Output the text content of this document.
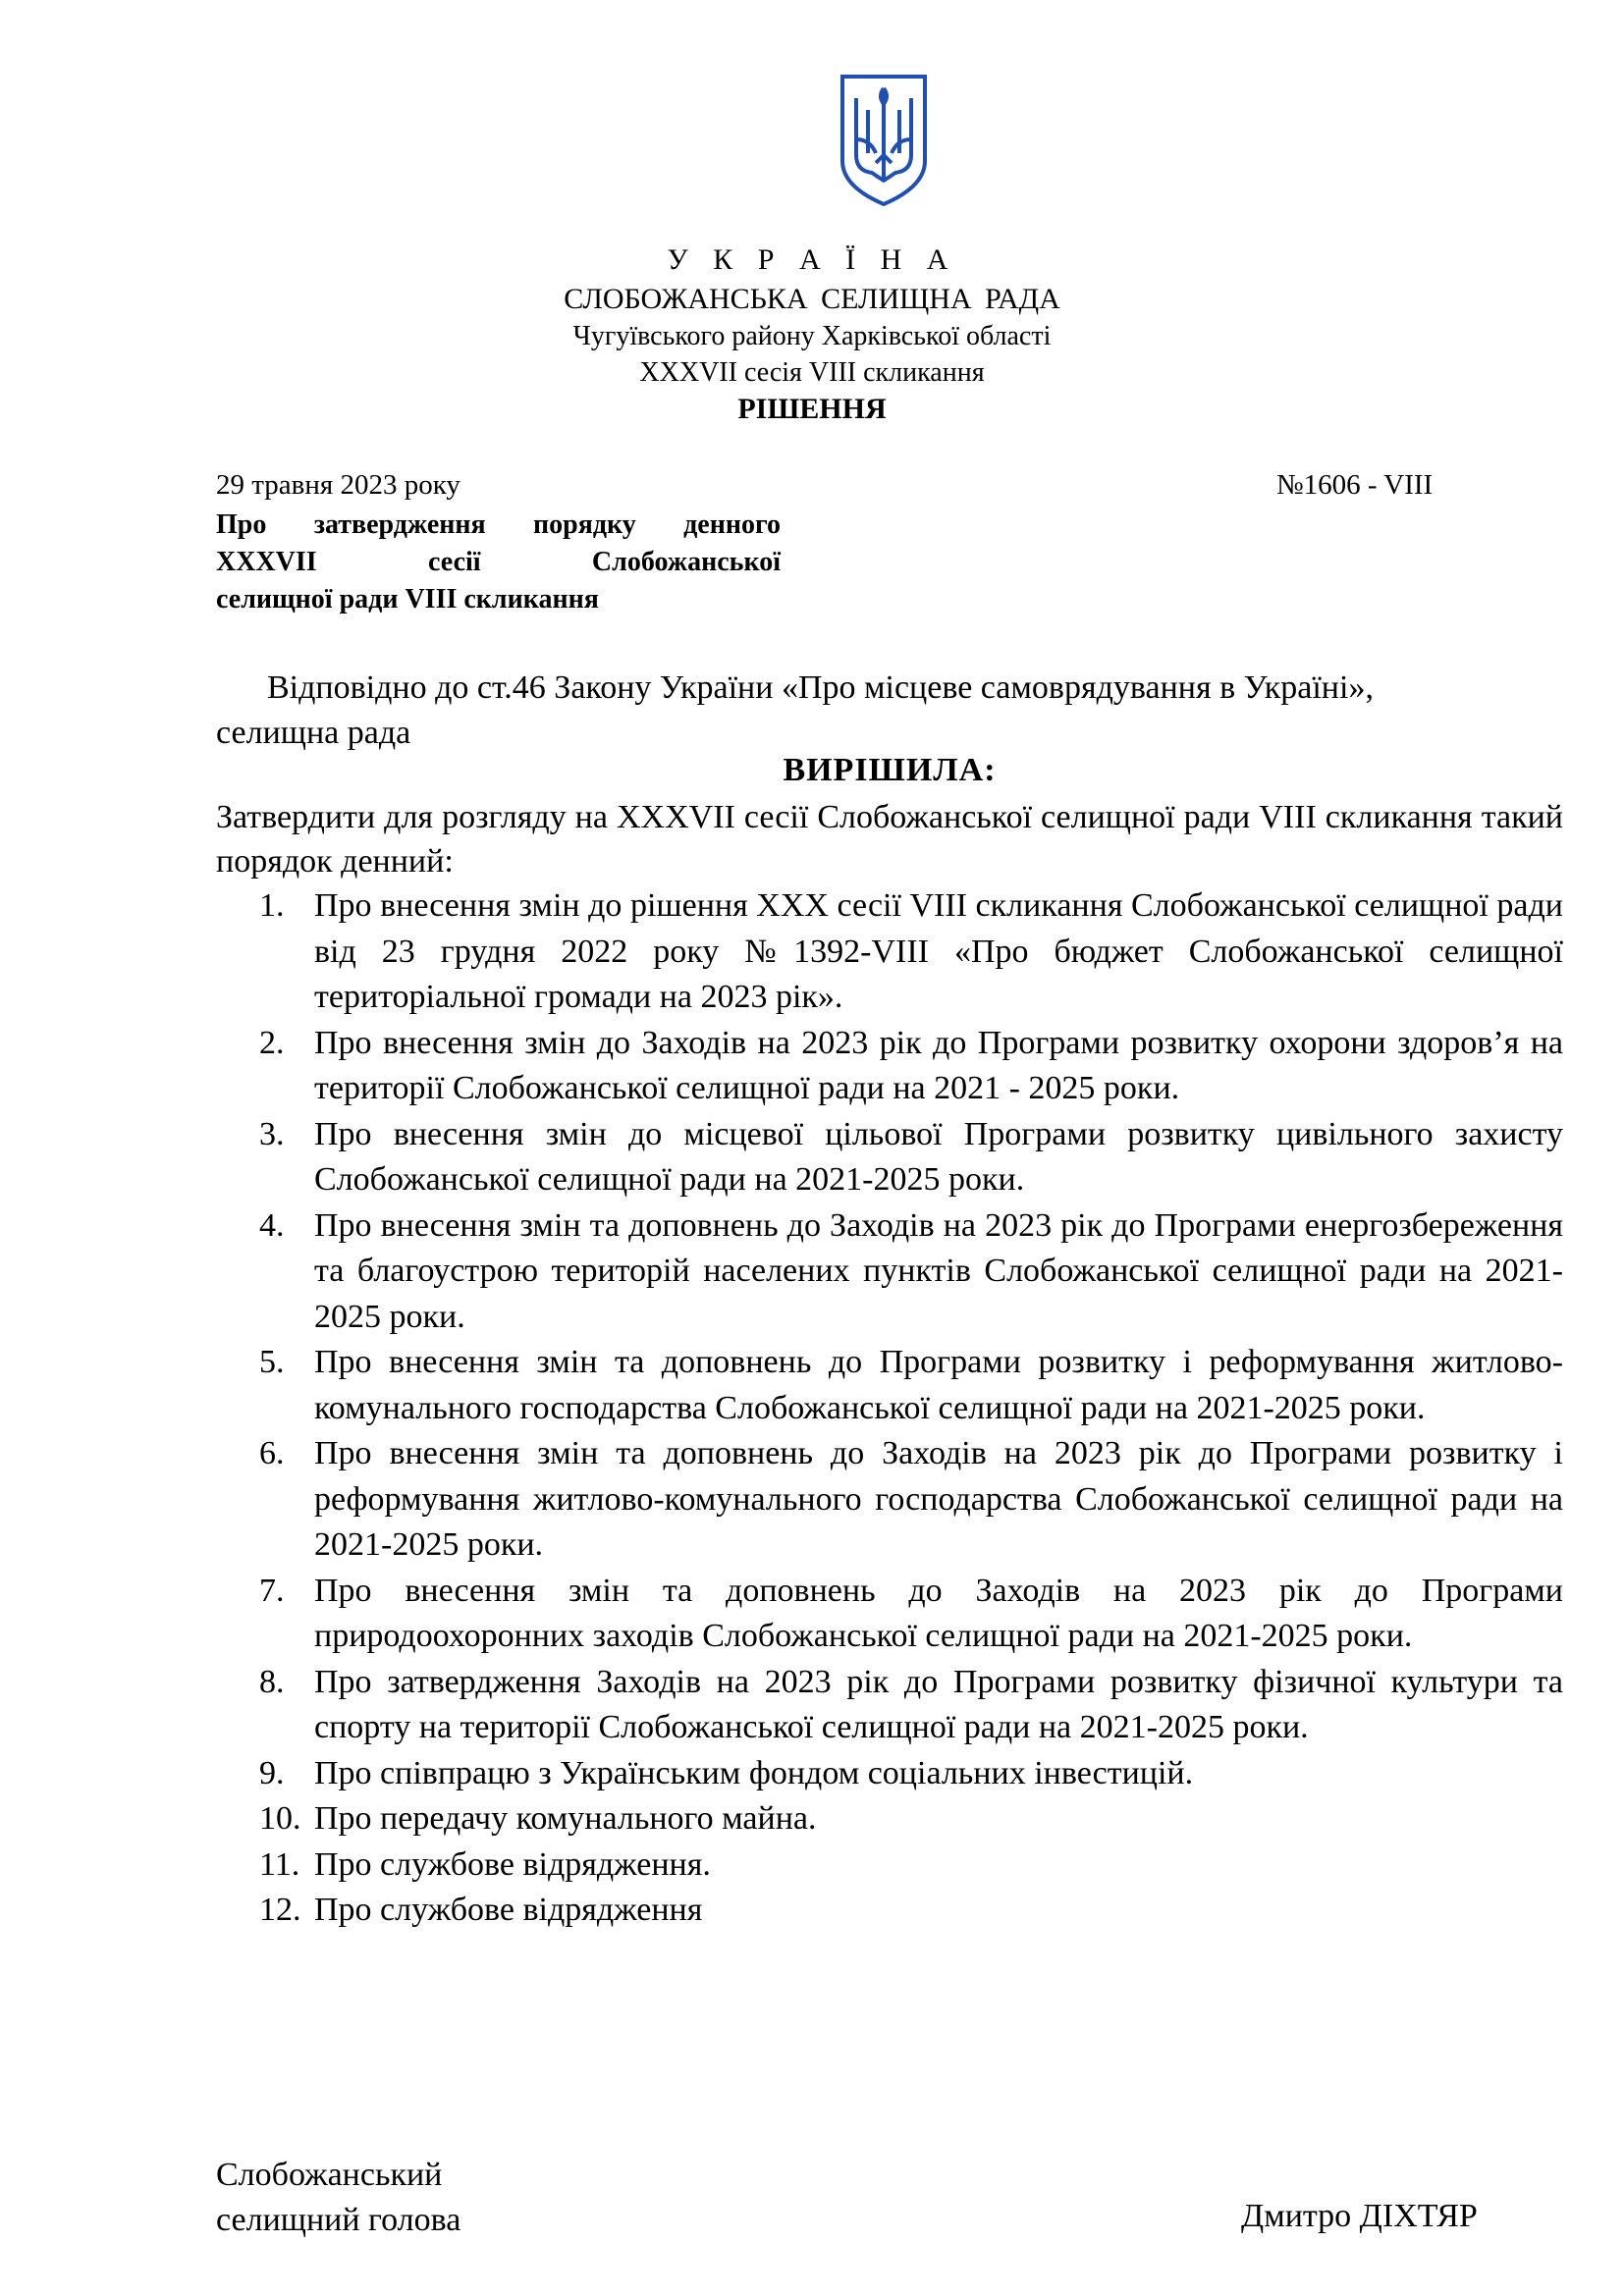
У К Р А Ї Н А
СЛОБОЖАНСЬКА СЕЛИЩНА РАДА
Чугуївського району Харківської області
XXXVII сесія VIII скликання
РІШЕННЯ
29 травня 2023 року	№1606 - VIII
Про затвердження порядку денного
XXXVII сесії Слобожанської
селищної ради VIII скликання
Відповідно до ст.46 Закону України «Про місцеве самоврядування в Україні»,
селищна рада
ВИРІШИЛА:
Затвердити для розгляду на XXXVII сесії Слобожанської селищної ради VIII скликання такий порядок денний:
1. Про внесення змін до рішення XXX сесії VIII скликання Слобожанської селищної ради від 23 грудня 2022 року №1392-VIII «Про бюджет Слобожанської селищної територіальної громади на 2023 рік».
2. Про внесення змін до Заходів на 2023 рік до Програми розвитку охорони здоров’я на території Слобожанської селищної ради на 2021 - 2025 роки.
3. Про внесення змін до місцевої цільової Програми розвитку цивільного захисту Слобожанської селищної ради на 2021-2025 роки.
4. Про внесення змін та доповнень до Заходів на 2023 рік до Програми енергозбереження та благоустрою територій населених пунктів Слобожанської селищної ради на 2021-2025 роки.
5. Про внесення змін та доповнень до Програми розвитку і реформування житлово-комунального господарства Слобожанської селищної ради на 2021-2025 роки.
6. Про внесення змін та доповнень до Заходів на 2023 рік до Програми розвитку і реформування житлово-комунального господарства Слобожанської селищної ради на 2021-2025 роки.
7. Про внесення змін та доповнень до Заходів на 2023 рік до Програми природоохоронних заходів Слобожанської селищної ради на 2021-2025 роки.
8. Про затвердження Заходів на 2023 рік до Програми розвитку фізичної культури та спорту на території Слобожанської селищної ради на 2021-2025 роки.
9. Про співпрацю з Українським фондом соціальних інвестицій.
10. Про передачу комунального майна.
11. Про службове відрядження.
12. Про службове відрядження
Слобожанський
селищний голова	Дмитро ДІХТЯР
